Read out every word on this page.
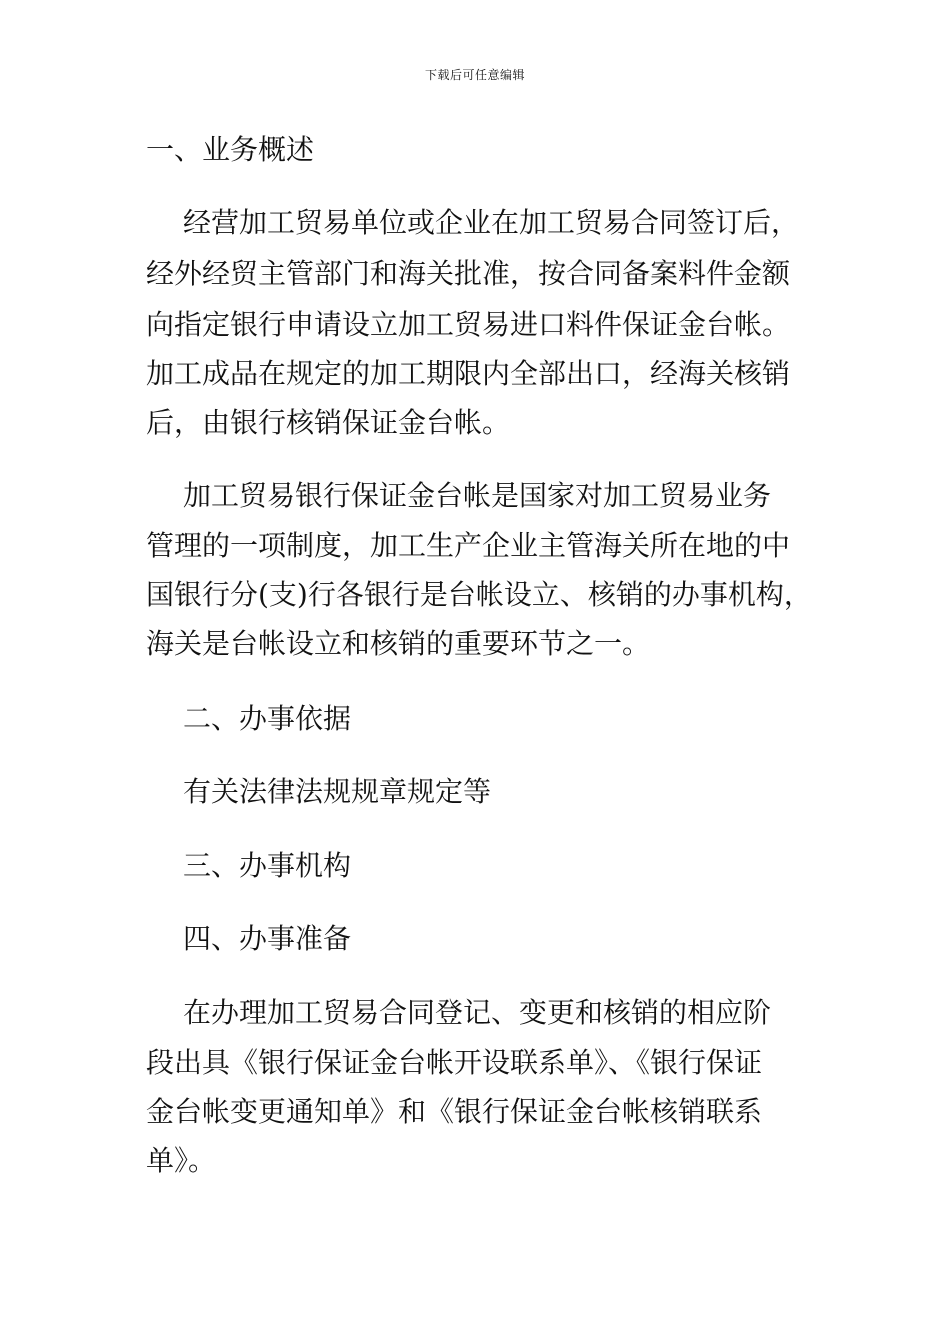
下载后可任意编辑
一、业务概述
经营加工贸易单位或企业在加工贸易合同签订后，
经外经贸主管部门和海关批准，按合同备案料件金额
向指定银行申请设立加工贸易进口料件保证金台帐。
加工成品在规定的加工期限内全部出口，经海关核销
后，由银行核销保证金台帐。
加工贸易银行保证金台帐是国家对加工贸易业务
管理的一项制度，加工生产企业主管海关所在地的中
国银行分(支)行各银行是台帐设立、核销的办事机构，
海关是台帐设立和核销的重要环节之一。
二、办事依据
有关法律法规规章规定等
三、办事机构
四、办事准备
在办理加工贸易合同登记、变更和核销的相应阶
段出具《银行保证金台帐开设联系单》、《银行保证
金台帐变更通知单》和《银行保证金台帐核销联系
单》。
